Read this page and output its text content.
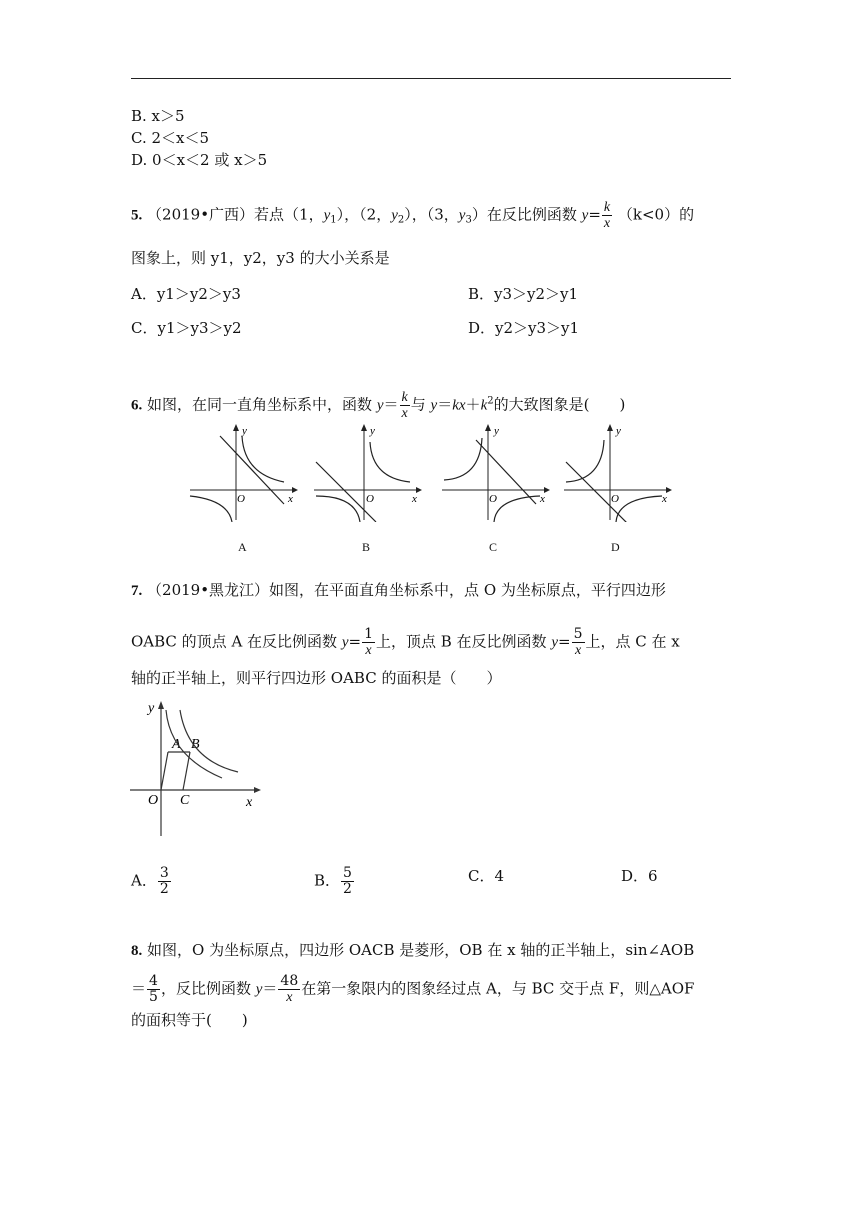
B. x＞5
C. 2＜x＜5
D. 0＜x＜2 或 x＞5
5. （2019•广西）若点（1，$y_1$），（2，$y_2$），（3，$y_3$）在反比例函数 $y= \frac{k}{x} (k<0)$的
图象上，则 y1，y2，y3 的大小关系是
A．y1＞y2＞y3	B．y3＞y2＞y1
C．y1＞y3＞y2	D．y2＞y3＞y1
6. 如图，在同一直角坐标系中，函数 $y= \frac{k}{x}$ 与 $y=kx+k^2$的大致图象是(　　)
y
x
O
A
y
x
O
B
y
x
O
C
y
x
O
D
7. （2019•黑龙江）如图，在平面直角坐标系中，点 O 为坐标原点，平行四边形
OABC 的顶点 A 在反比例函数 $y= \frac{1}{x}$ 上，顶点 B 在反比例函数 $y= \frac{5}{x}$ 上，点 C 在 x
轴的正半轴上，则平行四边形 OABC 的面积是（　　）
y
x
O C
A B
A． $\frac{3}{2}$	B． $\frac{5}{2}$	C．4	D．6
8. 如图，O 为坐标原点，四边形 OACB 是菱形，OB 在 x 轴的正半轴上，sin∠AOB
＝ $\frac{4}{5}$ ，反比例函数 $y= \frac{48}{x}$ 在第一象限内的图象经过点 A，与 BC 交于点 F，则△AOF
的面积等于(　　)
